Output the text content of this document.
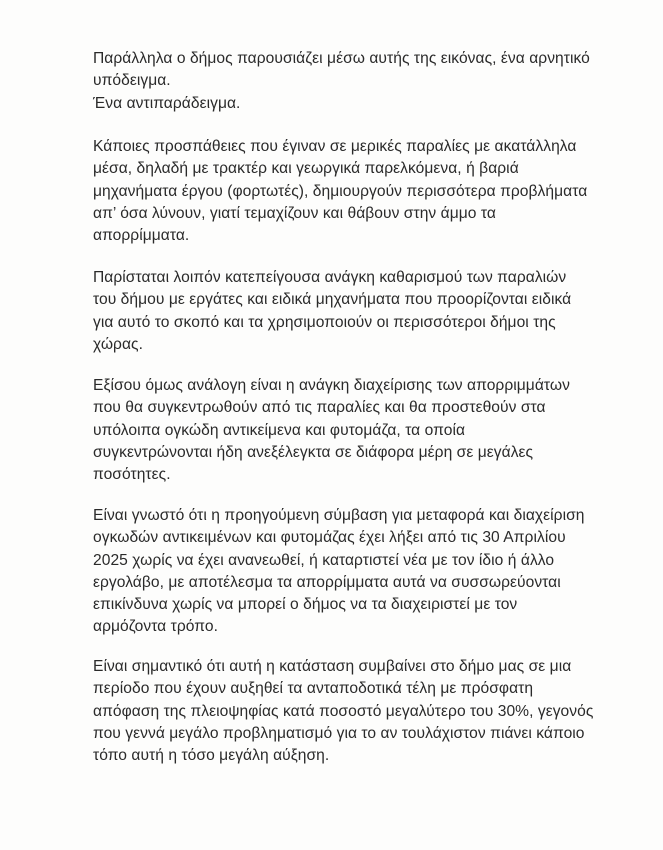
Παράλληλα ο δήμος παρουσιάζει μέσω αυτής της εικόνας, ένα αρνητικό
υπόδειγμα.
Ένα αντιπαράδειγμα.

Κάποιες προσπάθειες που έγιναν σε μερικές παραλίες με ακατάλληλα
μέσα, δηλαδή με τρακτέρ και γεωργικά παρελκόμενα, ή βαριά
μηχανήματα έργου (φορτωτές), δημιουργούν περισσότερα προβλήματα
απ’ όσα λύνουν, γιατί τεμαχίζουν και θάβουν στην άμμο τα
απορρίμματα.

Παρίσταται λοιπόν κατεπείγουσα ανάγκη καθαρισμού των παραλιών
του δήμου με εργάτες και ειδικά μηχανήματα που προορίζονται ειδικά
για αυτό το σκοπό και τα χρησιμοποιούν οι περισσότεροι δήμοι της
χώρας.

Εξίσου όμως ανάλογη είναι η ανάγκη διαχείρισης των απορριμμάτων
που θα συγκεντρωθούν από τις παραλίες και θα προστεθούν στα
υπόλοιπα ογκώδη αντικείμενα και φυτομάζα, τα οποία
συγκεντρώνονται ήδη ανεξέλεγκτα σε διάφορα μέρη σε μεγάλες
ποσότητες.

Είναι γνωστό ότι η προηγούμενη σύμβαση για μεταφορά και διαχείριση
ογκωδών αντικειμένων και φυτομάζας έχει λήξει από τις 30 Απριλίου
2025 χωρίς να έχει ανανεωθεί, ή καταρτιστεί νέα με τον ίδιο ή άλλο
εργολάβο, με αποτέλεσμα τα απορρίμματα αυτά να συσσωρεύονται
επικίνδυνα χωρίς να μπορεί ο δήμος να τα διαχειριστεί με τον
αρμόζοντα τρόπο.

Είναι σημαντικό ότι αυτή η κατάσταση συμβαίνει στο δήμο μας σε μια
περίοδο που έχουν αυξηθεί τα ανταποδοτικά τέλη με πρόσφατη
απόφαση της πλειοψηφίας κατά ποσοστό μεγαλύτερο του 30%, γεγονός
που γεννά μεγάλο προβληματισμό για το αν τουλάχιστον πιάνει κάποιο
τόπο αυτή η τόσο μεγάλη αύξηση.
